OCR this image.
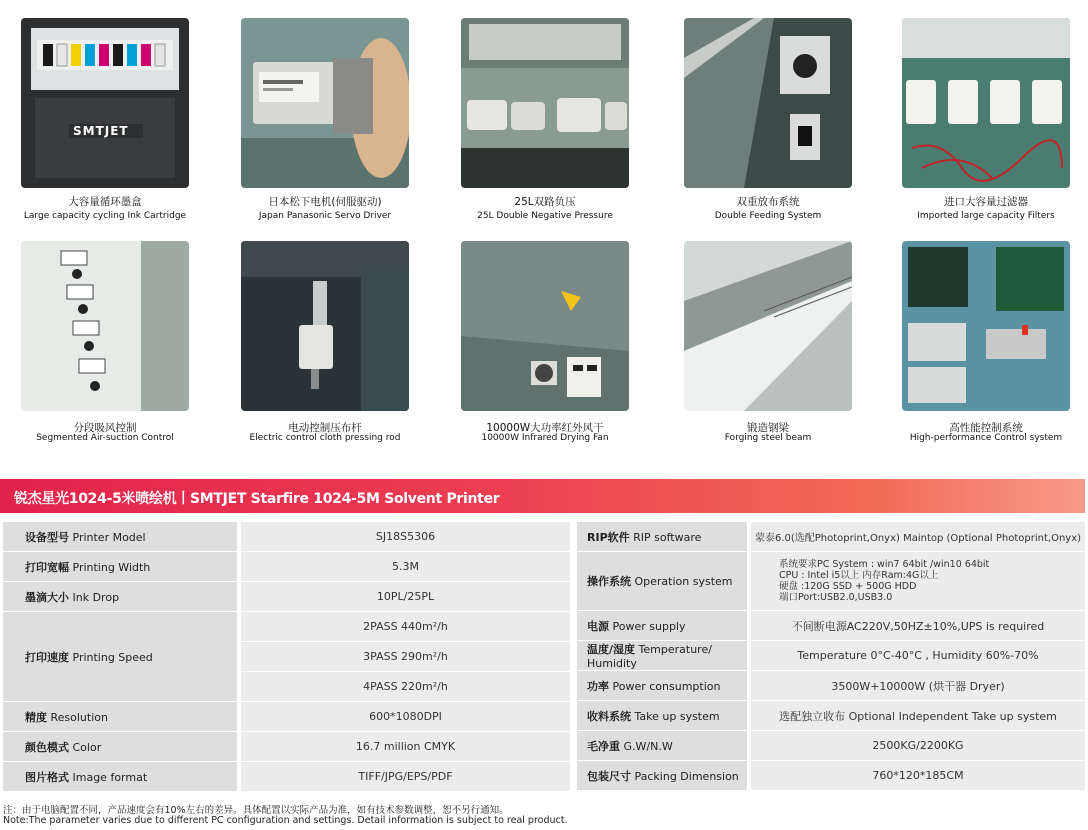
SMTJET
大容量循环墨盒
Large capacity cycling Ink Cartridge
日本松下电机(伺服驱动)
Japan Panasonic Servo Driver
25L双路负压
25L Double Negative Pressure
双重放布系统
Double Feeding System
进口大容量过滤器
Imported large capacity Filters
分段吸风控制
Segmented Air-suction Control
电动控制压布杆
Electric control cloth pressing rod
10000W大功率红外风干
10000W Infrared Drying Fan
锻造钢梁
Forging steel beam
高性能控制系统
High-performance Control system
锐杰星光1024-5米喷绘机丨SMTJET Starfire 1024-5M Solvent Printer
设备型号 Printer Model		SJ18S5306

打印宽幅 Printing Width		5.3M

墨滴大小 Ink Drop		10PL/25PL

打印速度 Printing Speed		2PASS 440m²/h

		3PASS 290m²/h

		4PASS 220m²/h

精度 Resolution		600*1080DPI

颜色模式 Color		16.7 million CMYK

图片格式 Image format		TIFF/JPG/EPS/PDF
RIP软件 RIP software		蒙泰6.0(选配Photoprint,Onyx) Maintop (Optional Photoprint,Onyx)

操作系统 Operation system		系统要求PC System : win7 64bit /win10 64bit
CPU : Intel i5以上 内存Ram:4G以上
硬盘 :120G SSD + 500G HDD
端口Port:USB2.0,USB3.0

电源 Power supply		不间断电源AC220V,50HZ±10%,UPS is required

温度/湿度 Temperature/ Humidity		Temperature 0°C-40°C , Humidity 60%-70%

功率 Power consumption		3500W+10000W (烘干器 Dryer)

收料系统 Take up system		选配独立收布 Optional Independent Take up system

毛净重 G.W/N.W		2500KG/2200KG

包装尺寸 Packing Dimension		760*120*185CM
注：由于电脑配置不同，产品速度会有10%左右的差异。具体配置以实际产品为准，如有技术参数调整，恕不另行通知。
Note:The parameter varies due to different PC configuration and settings. Detail information is subject to real product.
